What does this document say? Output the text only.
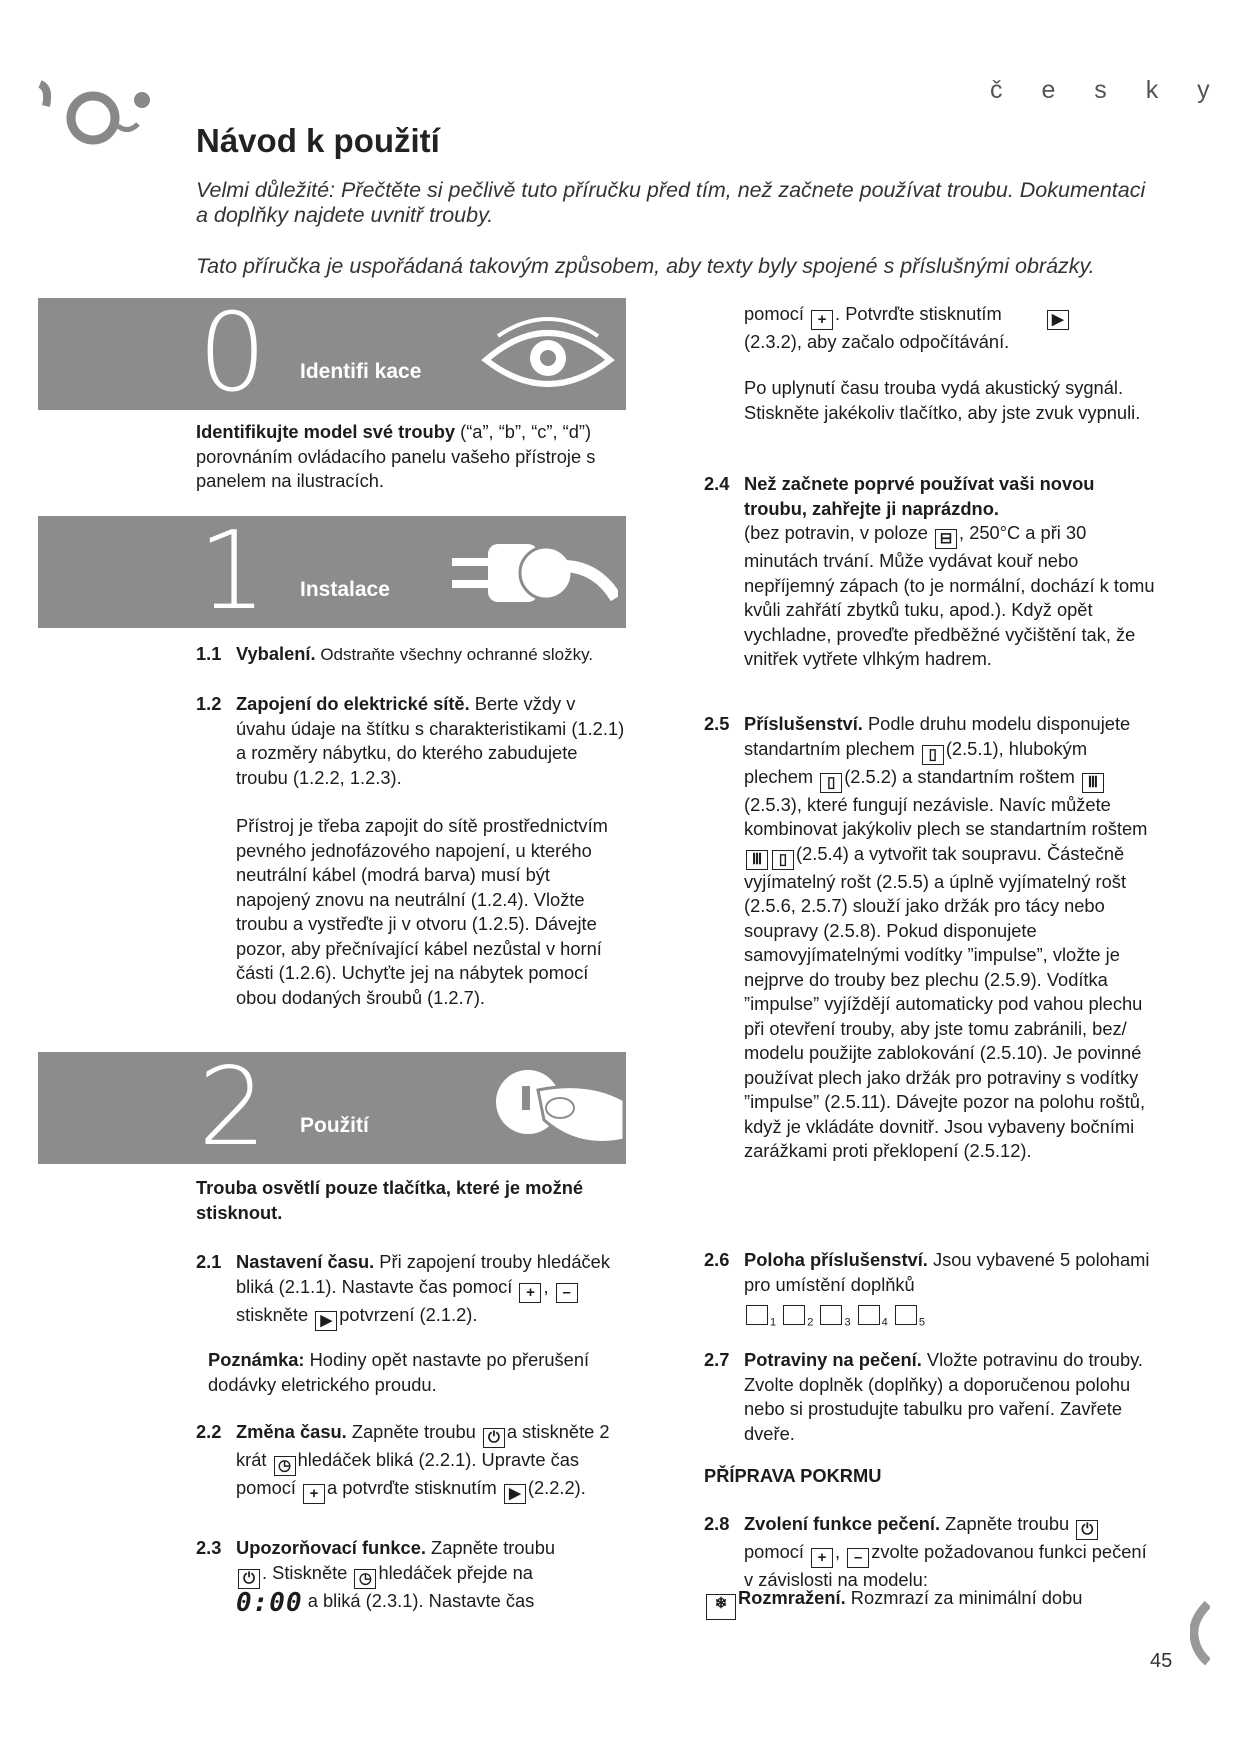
č e s k y
Návod k použití
Velmi důležité: Přečtěte si pečlivě tuto příručku před tím, než začnete používat troubu. Dokumentaci a doplňky najdete uvnitř trouby.
Tato příručka je uspořádaná takovým způsobem, aby texty byly spojené s příslušnými obrázky.
0 Identifi kace

Identifikujte model své trouby (“a”, “b”, “c”, “d”) porovnáním ovládacího panelu vašeho přístroje s panelem na ilustracích.

1 Instalace
1.1 Vybalení. Odstraňte všechny ochranné složky.
1.2 Zapojení do elektrické sítě. Berte vždy v úvahu údaje na štítku s charakteristikami (1.2.1) a rozměry nábytku, do kterého zabudujete troubu (1.2.2, 1.2.3).

Přístroj je třeba zapojit do sítě prostřednictvím pevného jednofázového napojení, u kterého neutrální kábel (modrá barva) musí být napojený znovu na neutrální (1.2.4). Vložte troubu a vystřeďte ji v otvoru (1.2.5). Dávejte pozor, aby přečnívající kábel nezůstal v horní části (1.2.6). Uchyťte jej na nábytek pomocí obou dodaných šroubů (1.2.7).

2 Použití

Trouba osvětlí pouze tlačítka, které je možné stisknout.

2.1 Nastavení času. Při zapojení trouby hledáček bliká (2.1.1). Nastavte čas pomocí + , –stiskněte ▶ potvrzení (2.1.2).

Poznámka: Hodiny opět nastavte po přerušení dodávky eletrického proudu.

2.2 Změna času. Zapněte troubu ⏻ a stiskněte 2 krát ◷ hledáček bliká (2.2.1). Upravte čas pomocí + a potvrďte stisknutím ▶ (2.2.2).

2.3 Upozorňovací funkce. Zapněte troubu
⏻ . Stiskněte ◷ hledáček přejde na
0:00 a bliká (2.3.1). Nastavte čas

pomocí + . Potvrďte stisknutím	▶
(2.3.2), aby začalo odpočítávání.

Po uplynutí času trouba vydá akustický sygnál. Stiskněte jakékoliv tlačítko, aby jste zvuk vypnuli.

2.4 Než začnete poprvé používat vaši novou troubu, zahřejte ji naprázdno.
(bez potravin, v poloze ⊟ , 250°C a při 30 minutách trvání. Může vydávat kouř nebo nepříjemný zápach (to je normální, dochází k tomu kvůli zahřátí zbytků tuku, apod.). Když opět vychladne, proveďte předběžné vyčištění tak, že vnitřek vytřete vlhkým hadrem.

2.5 Příslušenství. Podle druhu modelu disponujete standartním plechem ▯ (2.5.1), hlubokým plechem ▯ (2.5.2) a standartním roštem Ⅲ(2.5.3), které fungují nezávisle. Navíc můžete kombinovat jakýkoliv plech se standartním roštem Ⅲ ▯ (2.5.4) a vytvořit tak soupravu. Částečně vyjímatelný rošt (2.5.5) a úplně vyjímatelný rošt (2.5.6, 2.5.7) slouží jako držák pro tácy nebo soupravy (2.5.8). Pokud disponujete samovyjímatelnými vodítky ”impulse”, vložte je nejprve do trouby bez plechu (2.5.9). Vodítka ”impulse” vyjíždějí automaticky pod vahou plechu při otevření trouby, aby jste tomu zabránili, bez/ modelu použijte zablokování (2.5.10). Je povinné používat plech jako držák pro potraviny s vodítky ”impulse” (2.5.11). Dávejte pozor na polohu roštů, když je vkládáte dovnitř. Jsou vybaveny bočními zarážkami proti překlopení (2.5.12).

2.6 Poloha příslušenství. Jsou vybavené 5 polohami pro umístění doplňků

$_1$	$_2$	$_3$	$_4$	$_5$

2.7 Potraviny na pečení. Vložte potravinu do trouby. Zvolte doplněk (doplňky) a doporučenou polohu nebo si prostudujte tabulku pro vaření. Zavřete dveře.

PŘÍPRAVA POKRMU

2.8 Zvolení funkce pečení. Zapněte troubu ⏻
pomocí + , – zvolte požadovanou funkci pečení v závislosti na modelu:

❄ Rozmražení. Rozmrazí za minimální dobu

45
